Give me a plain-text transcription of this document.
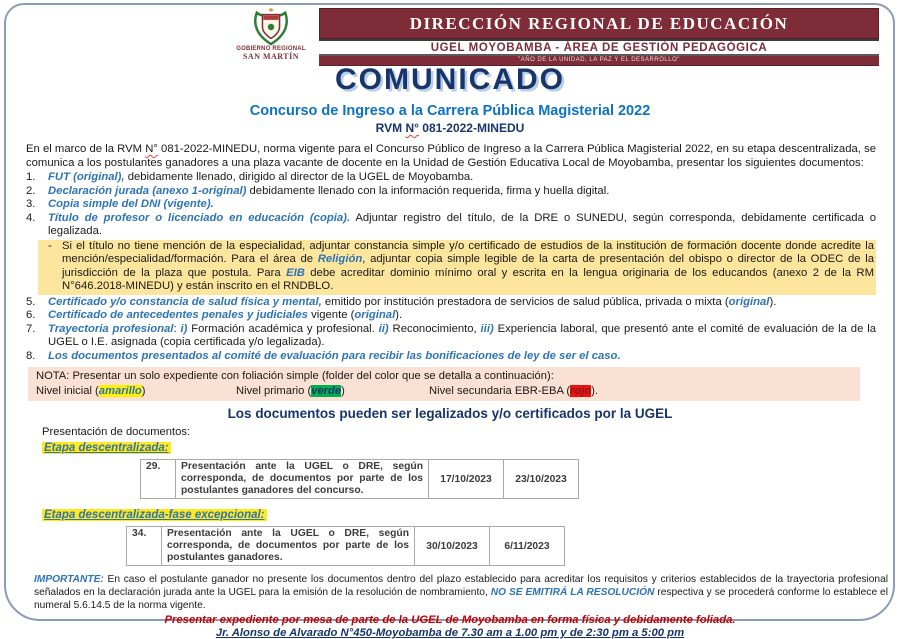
GOBIERNO REGIONAL
SAN MARTÍN
DIRECCIÓN REGIONAL DE EDUCACIÓN
UGEL MOYOBAMBA - ÁREA DE GESTIÓN PEDAGÓGICA
"AÑO DE LA UNIDAD, LA PAZ Y EL DESARROLLO"
COMUNICADO
Concurso de Ingreso a la Carrera Pública Magisterial 2022
RVM N° 081-2022-MINEDU
En el marco de la RVM N° 081-2022-MINEDU, norma vigente para el Concurso Público de Ingreso a la Carrera Pública Magisterial 2022, en su etapa descentralizada, se comunica a los postulantes ganadores a una plaza vacante de docente en la Unidad de Gestión Educativa Local de Moyobamba, presentar los siguientes documentos:
1.	FUT (original), debidamente llenado, dirigido al director de la UGEL de Moyobamba.
2.	Declaración jurada (anexo 1-original) debidamente llenado con la información requerida, firma y huella digital.
3.	Copia simple del DNI (vigente).
4.	Título de profesor o licenciado en educación (copia). Adjuntar registro del título, de la DRE o SUNEDU, según corresponda, debidamente certificada o legalizada.
- Si el título no tiene mención de la especialidad, adjuntar constancia simple y/o certificado de estudios de la institución de formación docente donde acredite la mención/especialidad/formación. Para el área de Religión, adjuntar copia simple legible de la carta de presentación del obispo o director de la ODEC de la jurisdicción de la plaza que postula. Para EIB debe acreditar dominio mínimo oral y escrita en la lengua originaria de los educandos (anexo 2 de la RM N°646.2018-MINEDU) y están inscrito en el RNDBLO.
5.	Certificado y/o constancia de salud física y mental, emitido por institución prestadora de servicios de salud pública, privada o mixta (original).
6.	Certificado de antecedentes penales y judiciales vigente (original).
7.	Trayectoria profesional: i) Formación académica y profesional. ii) Reconocimiento, iii) Experiencia laboral, que presentó ante el comité de evaluación de la de la UGEL o I.E. asignada (copia certificada y/o legalizada).
8.	Los documentos presentados al comité de evaluación para recibir las bonificaciones de ley de ser el caso.
NOTA: Presentar un solo expediente con foliación simple (folder del color que se detalla a continuación):
Nivel inicial (amarillo)	Nivel primario (verde)	Nivel secundaria EBR-EBA (rojo).
Los documentos pueden ser legalizados y/o certificados por la UGEL
Presentación de documentos:
Etapa descentralizada:
29.	Presentación ante la UGEL o DRE, según corresponda, de documentos por parte de los postulantes ganadores del concurso.	17/10/2023	23/10/2023
Etapa descentralizada-fase excepcional:
34.	Presentación ante la UGEL o DRE, según corresponda, de documentos por parte de los postulantes ganadores.	30/10/2023	6/11/2023
IMPORTANTE: En caso el postulante ganador no presente los documentos dentro del plazo establecido para acreditar los requisitos y criterios establecidos de la trayectoria profesional señalados en la declaración jurada ante la UGEL para la emisión de la resolución de nombramiento, NO SE EMITIRÁ LA RESOLUCIÓN respectiva y se procederá conforme lo establece el numeral 5.6.14.5 de la norma vigente.
Presentar expediente por mesa de parte de la UGEL de Moyobamba en forma física y debidamente foliada.
Jr. Alonso de Alvarado N°450-Moyobamba de 7.30 am a 1.00 pm y de 2:30 pm a 5:00 pm
